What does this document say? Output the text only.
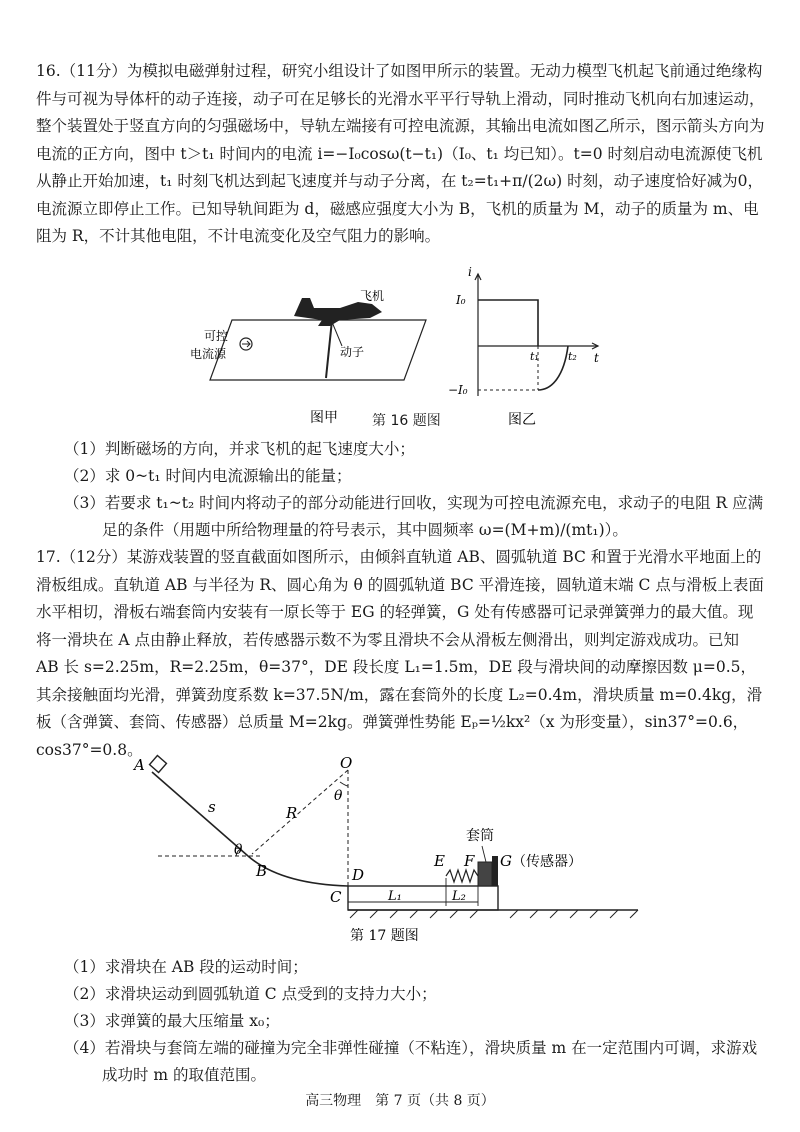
16.（11分）为模拟电磁弹射过程，研究小组设计了如图甲所示的装置。无动力模型飞机起飞前通过绝缘构件与可视为导体杆的动子连接，动子可在足够长的光滑水平平行导轨上滑动，同时推动飞机向右加速运动，整个装置处于竖直方向的匀强磁场中，导轨左端接有可控电流源，其输出电流如图乙所示，图示箭头方向为电流的正方向，图中 t＞t₁ 时间内的电流 i=−I₀cosω(t−t₁)（I₀、t₁ 均已知）。t=0 时刻启动电流源使飞机从静止开始加速，t₁ 时刻飞机达到起飞速度并与动子分离，在 t₂=t₁+π/(2ω) 时刻，动子速度恰好减为0，电流源立即停止工作。已知导轨间距为 d，磁感应强度大小为 B，飞机的质量为 M，动子的质量为 m、电阻为 R，不计其他电阻，不计电流变化及空气阻力的影响。
飞机
可控
电流源	动子
图甲 第 16 题图
i
t
I₀
−I₀
t₁	t₂
图乙
（1）判断磁场的方向，并求飞机的起飞速度大小；
（2）求 0~t₁ 时间内电流源输出的能量；
（3）若要求 t₁~t₂ 时间内将动子的部分动能进行回收，实现为可控电流源充电，求动子的电阻 R 应满足的条件（用题中所给物理量的符号表示，其中圆频率 ω=(M+m)/(mt₁)）。
17.（12分）某游戏装置的竖直截面如图所示，由倾斜直轨道 AB、圆弧轨道 BC 和置于光滑水平地面上的滑板组成。直轨道 AB 与半径为 R、圆心角为 θ 的圆弧轨道 BC 平滑连接，圆轨道末端 C 点与滑板上表面水平相切，滑板右端套筒内安装有一原长等于 EG 的轻弹簧，G 处有传感器可记录弹簧弹力的最大值。现将一滑块在 A 点由静止释放，若传感器示数不为零且滑块不会从滑板左侧滑出，则判定游戏成功。已知 AB 长 s=2.25m，R=2.25m，θ=37°，DE 段长度 L₁=1.5m，DE 段与滑块间的动摩擦因数 μ=0.5，其余接触面均光滑，弹簧劲度系数 k=37.5N/m，露在套筒外的长度 L₂=0.4m，滑块质量 m=0.4kg，滑板（含弹簧、套筒、传感器）总质量 M=2kg。弹簧弹性势能 Eₚ=½kx²（x 为形变量），sin37°=0.6，cos37°=0.8。
A
B
C
D
E F G
O
s	R
θ
θ
L₁	L₂
套筒
（传感器）
第 17 题图
（1）求滑块在 AB 段的运动时间；
（2）求滑块运动到圆弧轨道 C 点受到的支持力大小；
（3）求弹簧的最大压缩量 x₀；
（4）若滑块与套筒左端的碰撞为完全非弹性碰撞（不粘连），滑块质量 m 在一定范围内可调，求游戏成功时 m 的取值范围。
高三物理　第 7 页（共 8 页）
